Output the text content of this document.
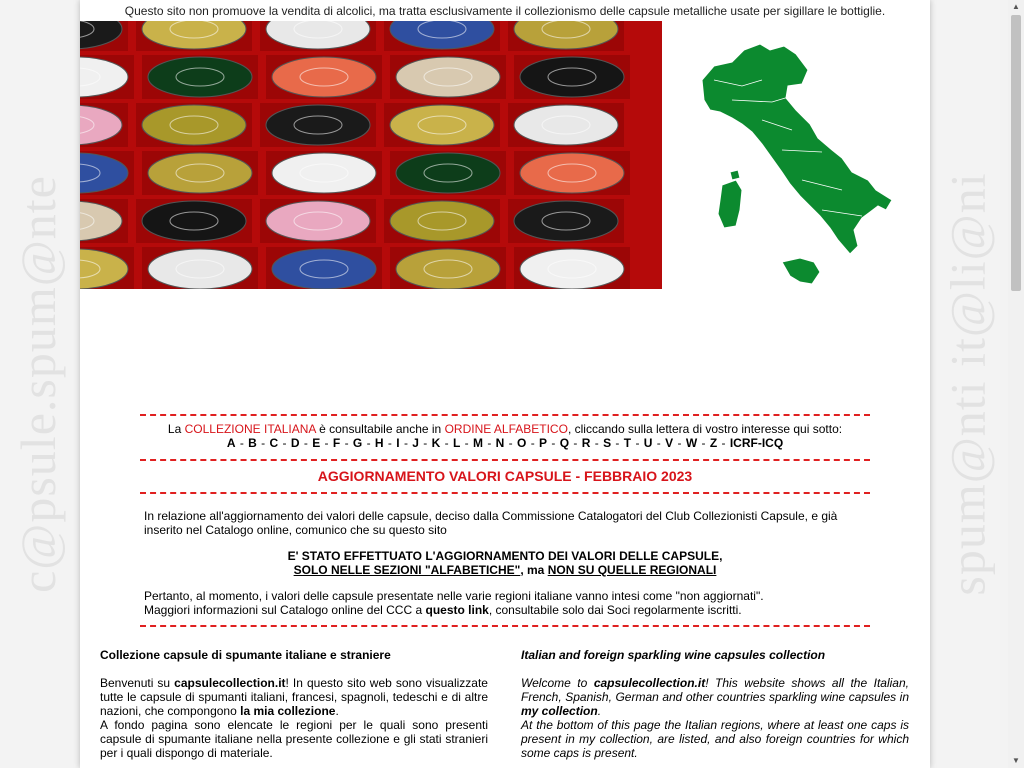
c@psule.spum@nte	spum@nti it@li@ni
Questo sito non promuove la vendita di alcolici, ma tratta esclusivamente il collezionismo delle capsule metalliche usate per sigillare le bottiglie.
La COLLEZIONE ITALIANA è consultabile anche in ORDINE ALFABETICO, cliccando sulla lettera di vostro interesse qui sotto:
A - B - C - D - E - F - G - H - I - J - K - L - M - N - O - P - Q - R - S - T - U - V - W - Z - ICRF-ICQ
AGGIORNAMENTO VALORI CAPSULE - FEBBRAIO 2023
In relazione all'aggiornamento dei valori delle capsule, deciso dalla Commissione Catalogatori del Club Collezionisti Capsule, e già inserito nel Catalogo online, comunico che su questo sito
E' STATO EFFETTUATO L'AGGIORNAMENTO DEI VALORI DELLE CAPSULE,
SOLO NELLE SEZIONI "ALFABETICHE", ma NON SU QUELLE REGIONALI
Pertanto, al momento, i valori delle capsule presentate nelle varie regioni italiane vanno intesi come "non aggiornati".
Maggiori informazioni sul Catalogo online del CCC a questo link, consultabile solo dai Soci regolarmente iscritti.
Collezione capsule di spumante italiane e straniere

Benvenuti su capsulecollection.it! In questo sito web sono visualizzate tutte le capsule di spumanti italiani, francesi, spagnoli, tedeschi e di altre nazioni, che compongono la mia collezione.

A fondo pagina sono elencate le regioni per le quali sono presenti capsule di spumante italiane nella presente collezione e gli stati stranieri per i quali dispongo di materiale.

Italian and foreign sparkling wine capsules collection

Welcome to capsulecollection.it! This website shows all the Italian, French, Spanish, German and other countries sparkling wine capsules in my collection.

At the bottom of this page the Italian regions, where at least one caps is present in my collection, are listed, and also foreign countries for which some caps is present.

▲
▼
